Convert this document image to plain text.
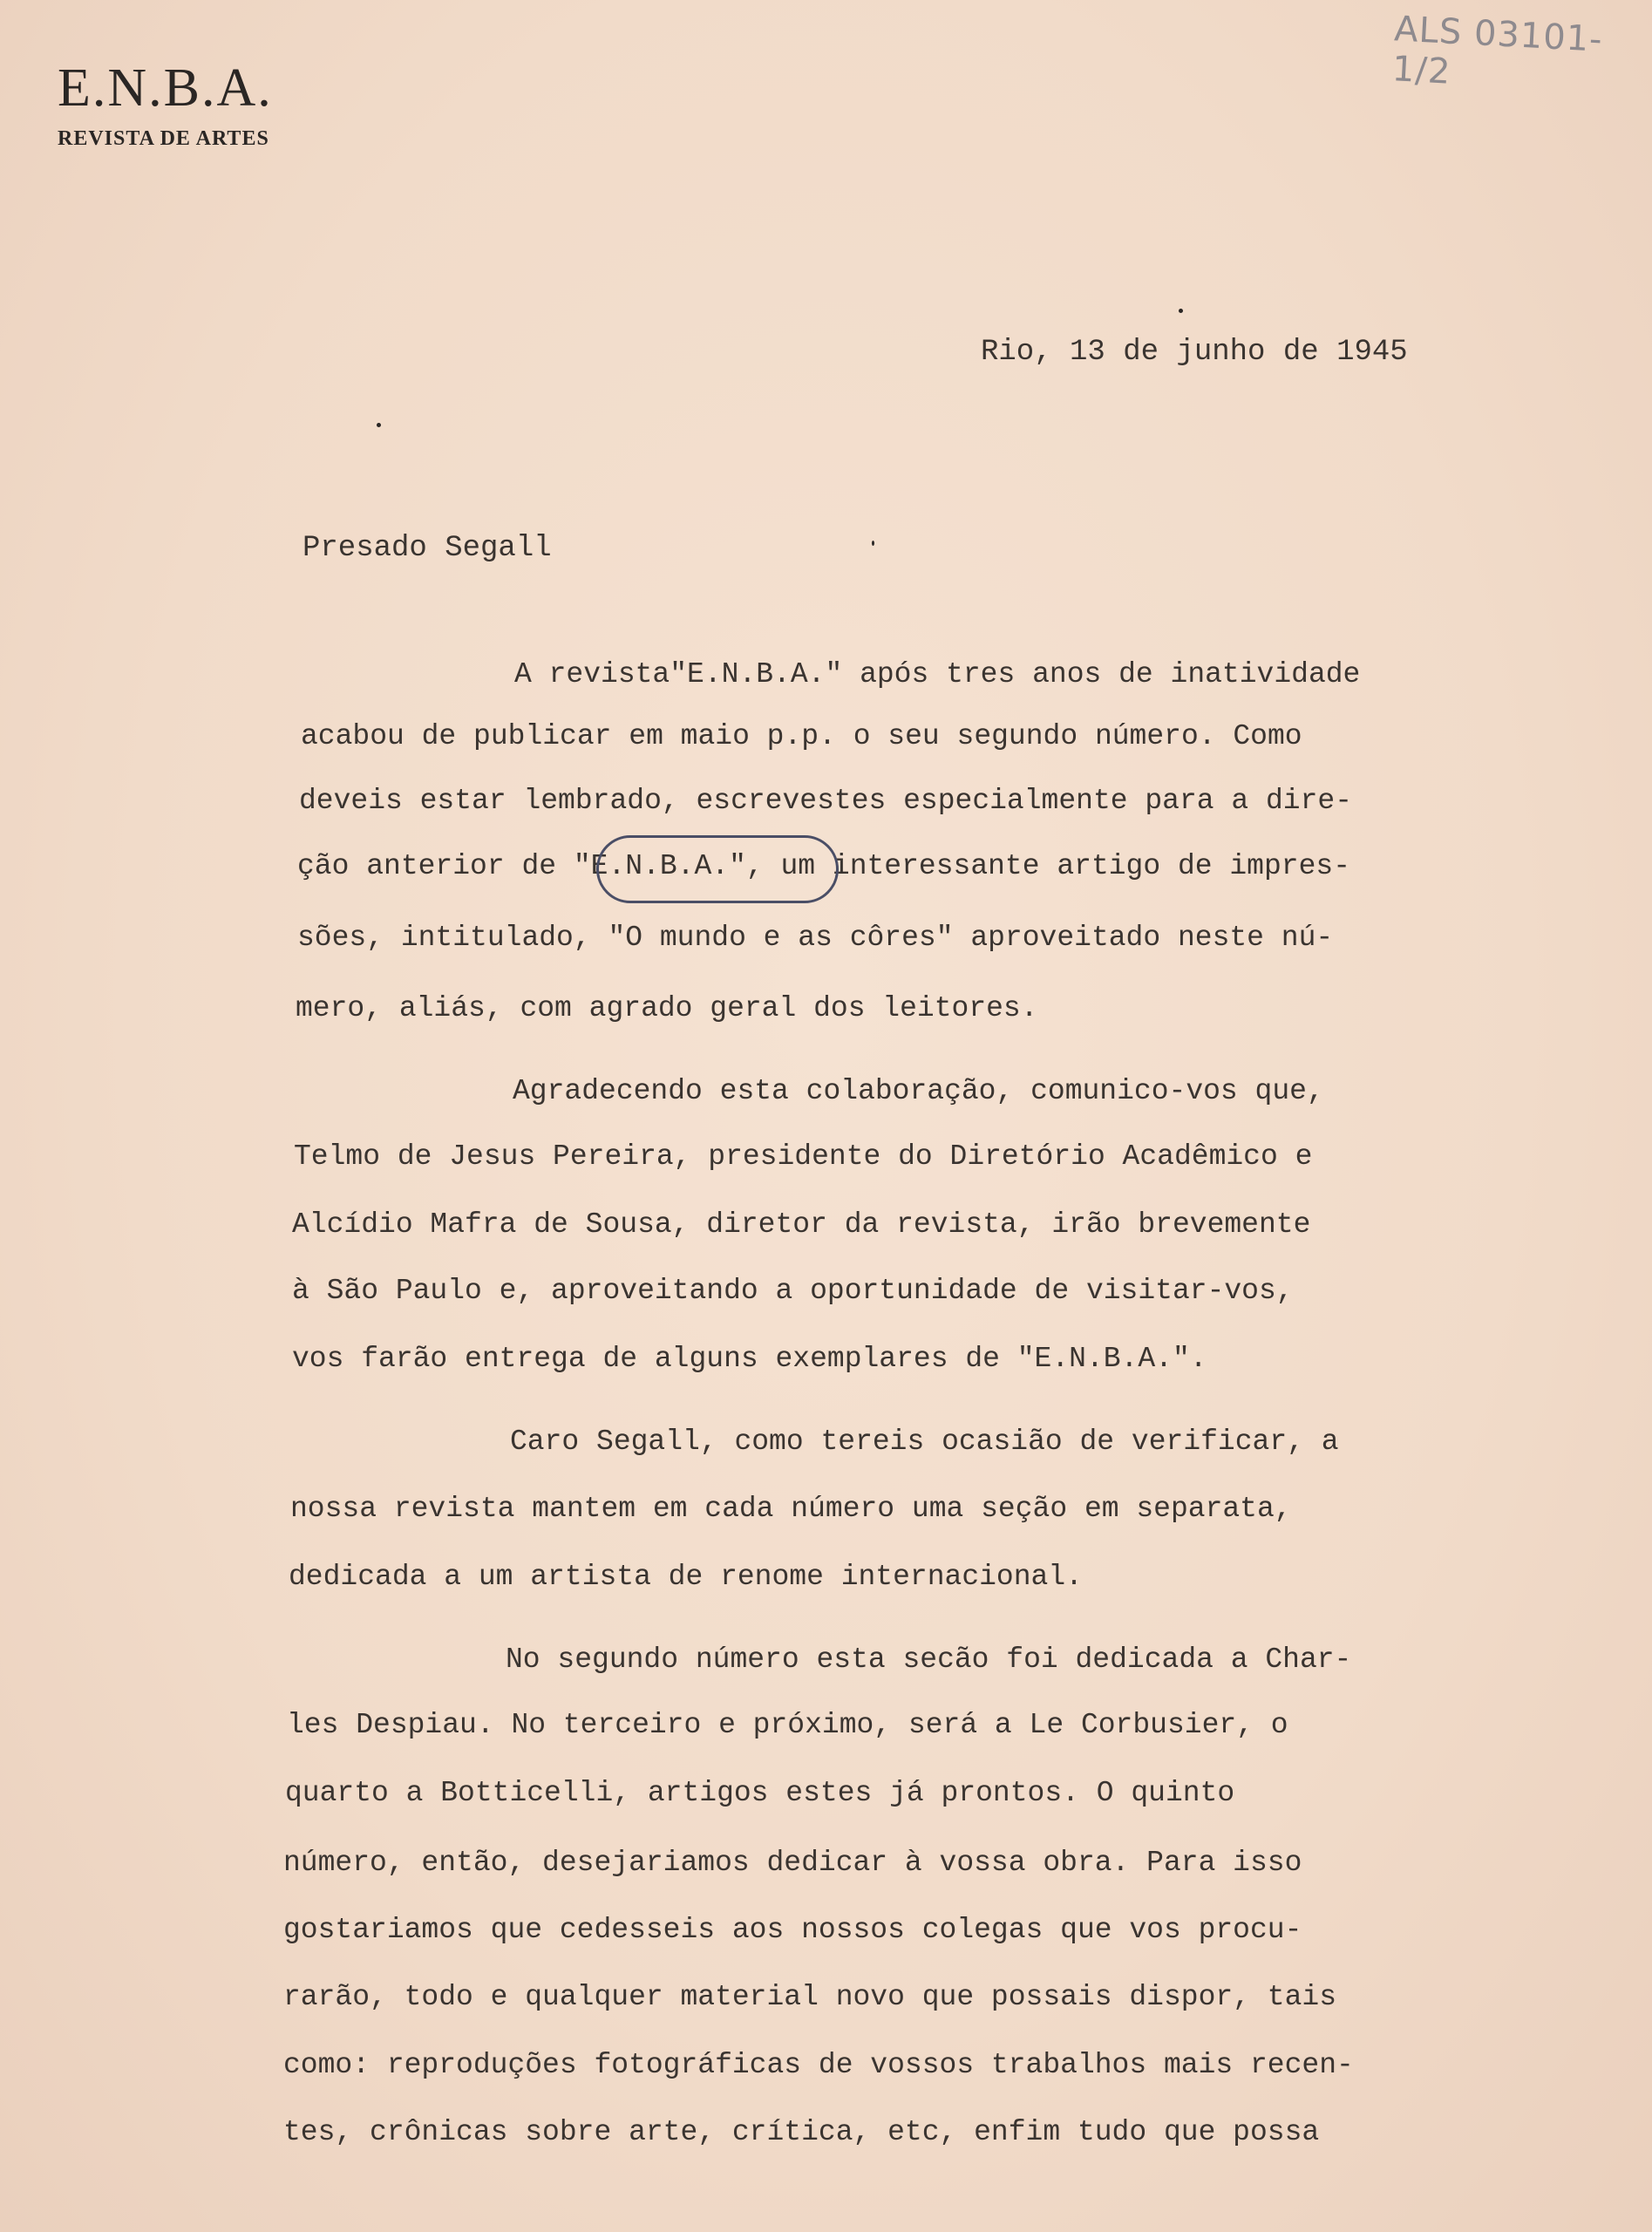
E.N.B.A.
REVISTA DE ARTES
ALS 03101-1/2
Rio, 13 de junho de 1945
Presado Segall
A revista"E.N.B.A." após tres anos de inatividade
acabou de publicar em maio p.p. o seu segundo número. Como
deveis estar lembrado, escrevestes especialmente para a dire-
ção anterior de "E.N.B.A.", um interessante artigo de impres-
sões, intitulado, "O mundo e as côres" aproveitado neste nú-
mero, aliás, com agrado geral dos leitores.
Agradecendo esta colaboração, comunico-vos que,
Telmo de Jesus Pereira, presidente do Diretório Acadêmico e
Alcídio Mafra de Sousa, diretor da revista, irão brevemente
à São Paulo e, aproveitando a oportunidade de visitar-vos,
vos farão entrega de alguns exemplares de "E.N.B.A.".
Caro Segall, como tereis ocasião de verificar, a
nossa revista mantem em cada número uma seção em separata,
dedicada a um artista de renome internacional.
No segundo número esta secão foi dedicada a Char-
les Despiau. No terceiro e próximo, será a Le Corbusier, o
quarto a Botticelli, artigos estes já prontos. O quinto
número, então, desejariamos dedicar à vossa obra. Para isso
gostariamos que cedesseis aos nossos colegas que vos procu-
rarão, todo e qualquer material novo que possais dispor, tais
como: reproduções fotográficas de vossos trabalhos mais recen-
tes, crônicas sobre arte, crítica, etc, enfim tudo que possa
